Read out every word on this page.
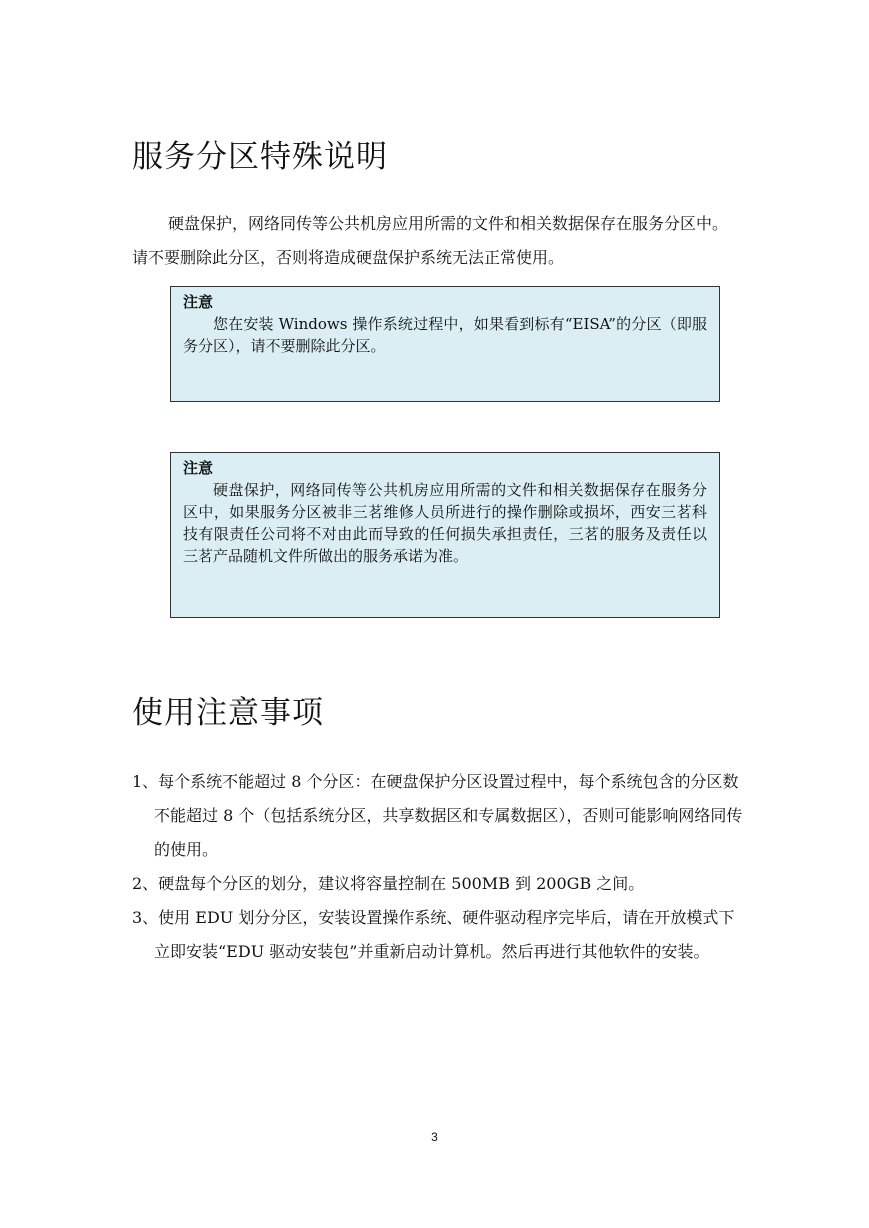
服务分区特殊说明

硬盘保护，网络同传等公共机房应用所需的文件和相关数据保存在服务分区中。请不要删除此分区，否则将造成硬盘保护系统无法正常使用。

注意
您在安装 Windows 操作系统过程中，如果看到标有“EISA”的分区（即服务分区），请不要删除此分区。
注意
硬盘保护，网络同传等公共机房应用所需的文件和相关数据保存在服务分区中，如果服务分区被非三茗维修人员所进行的操作删除或损坏，西安三茗科技有限责任公司将不对由此而导致的任何损失承担责任，三茗的服务及责任以三茗产品随机文件所做出的服务承诺为准。
使用注意事项
1、每个系统不能超过 8 个分区：在硬盘保护分区设置过程中，每个系统包含的分区数不能超过 8 个（包括系统分区，共享数据区和专属数据区），否则可能影响网络同传的使用。
2、硬盘每个分区的划分，建议将容量控制在 500MB 到 200GB 之间。
3、使用 EDU 划分分区，安装设置操作系统、硬件驱动程序完毕后，请在开放模式下立即安装“EDU 驱动安装包”并重新启动计算机。然后再进行其他软件的安装。
3
